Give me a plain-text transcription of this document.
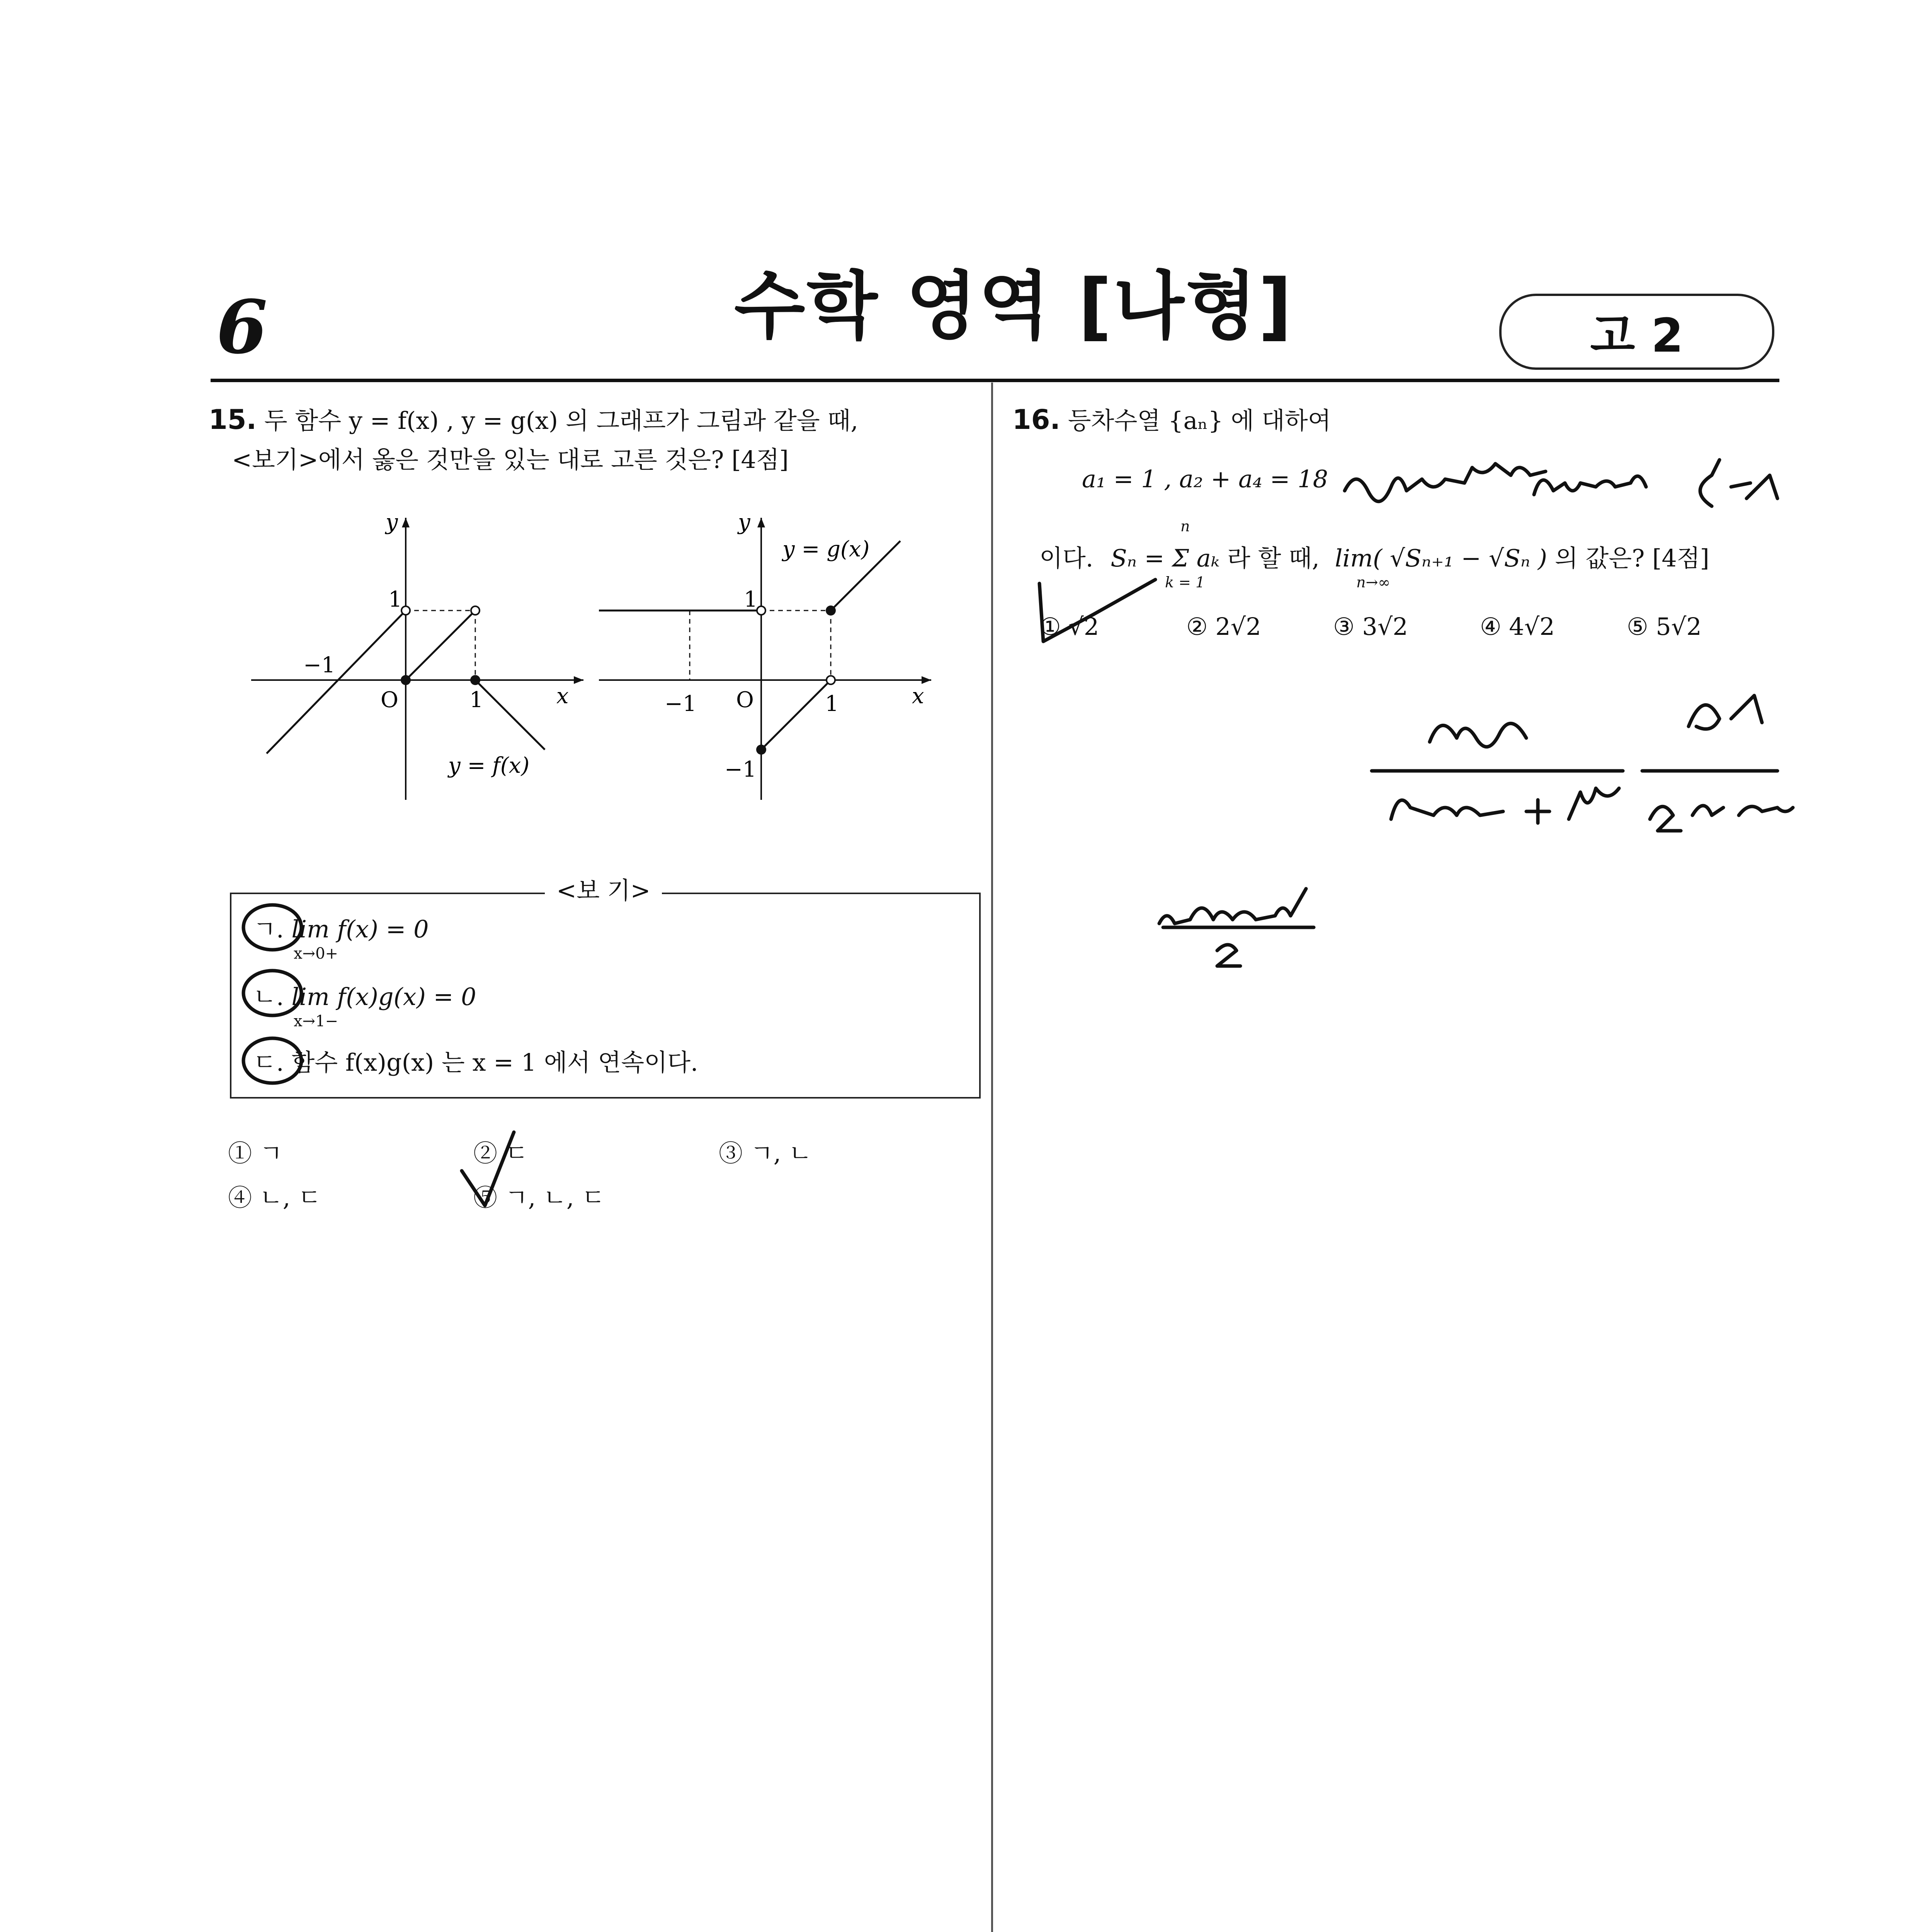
6	수학 영역 [나형]	고 2
15. 두 함수 y = f(x) , y = g(x) 의 그래프가 그림과 같을 때,
<보기>에서 옳은 것만을 있는 대로 고른 것은? [4점]
y
x
O
1
−1
1
y = f(x)
y
x
O
1
−1	1
−1
y = g(x)
<보 기>
ㄱ. lim f(x) = 0
x→0+
ㄴ. lim f(x)g(x) = 0
x→1−
ㄷ. 함수 f(x)g(x) 는 x = 1 에서 연속이다.
① ㄱ	② ㄷ	③ ㄱ, ㄴ
④ ㄴ, ㄷ	⑤ ㄱ, ㄴ, ㄷ
16. 등차수열 {aₙ} 에 대하여
a₁ = 1 , a₂ + a₄ = 18
이다. Sₙ = Σ aₖ 라 할 때, lim( √Sₙ₊₁ − √Sₙ ) 의 값은? [4점]
n
k = 1	n→∞
① √2	② 2√2	③ 3√2	④ 4√2	⑤ 5√2
